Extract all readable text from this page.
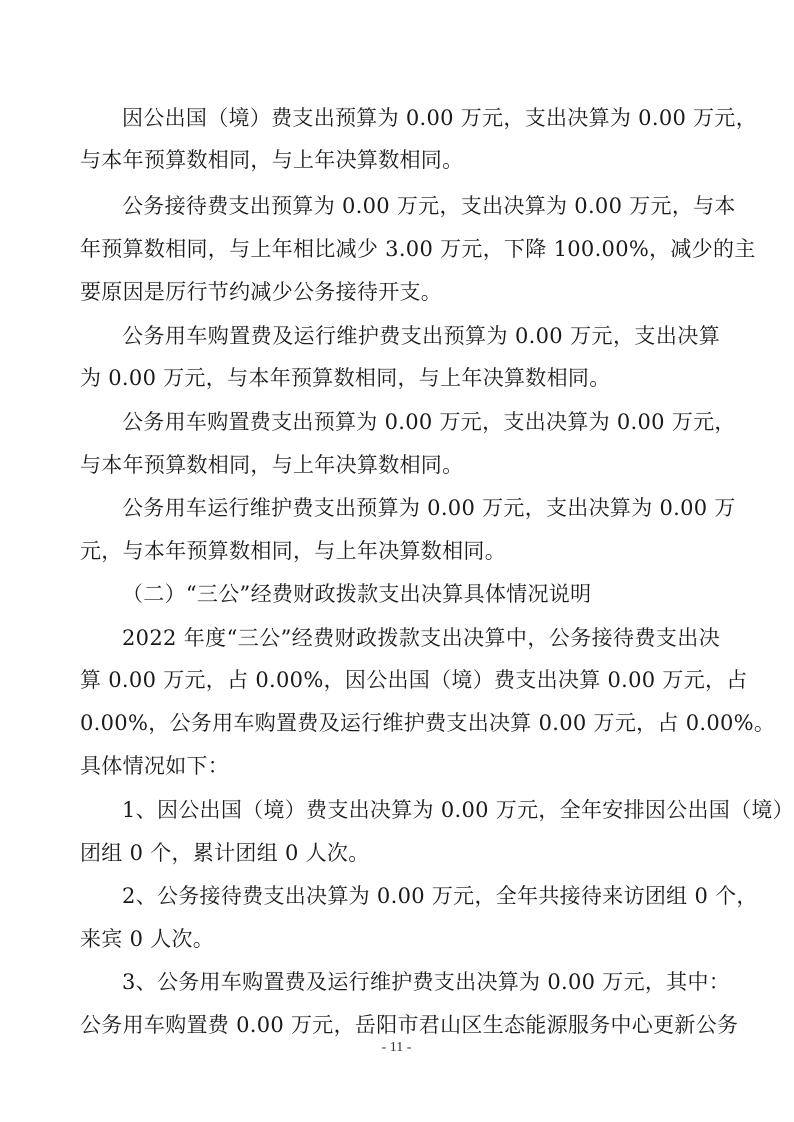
因公出国（境）费支出预算为 0.00 万元，支出决算为 0.00 万元，
与本年预算数相同，与上年决算数相同。
公务接待费支出预算为 0.00 万元，支出决算为 0.00 万元，与本
年预算数相同，与上年相比减少 3.00 万元，下降 100.00%，减少的主
要原因是厉行节约减少公务接待开支。
公务用车购置费及运行维护费支出预算为 0.00 万元，支出决算
为 0.00 万元，与本年预算数相同，与上年决算数相同。
公务用车购置费支出预算为 0.00 万元，支出决算为 0.00 万元，
与本年预算数相同，与上年决算数相同。
公务用车运行维护费支出预算为 0.00 万元，支出决算为 0.00 万
元，与本年预算数相同，与上年决算数相同。
（二）“三公”经费财政拨款支出决算具体情况说明
2022 年度“三公”经费财政拨款支出决算中，公务接待费支出决
算 0.00 万元，占 0.00%，因公出国（境）费支出决算 0.00 万元，占
0.00%，公务用车购置费及运行维护费支出决算 0.00 万元，占 0.00%。
具体情况如下：
1、因公出国（境）费支出决算为 0.00 万元，全年安排因公出国（境）
团组 0 个，累计团组 0 人次。
2、公务接待费支出决算为 0.00 万元，全年共接待来访团组 0 个，
来宾 0 人次。
3、公务用车购置费及运行维护费支出决算为 0.00 万元，其中：
公务用车购置费 0.00 万元，岳阳市君山区生态能源服务中心更新公务
- 11 -
